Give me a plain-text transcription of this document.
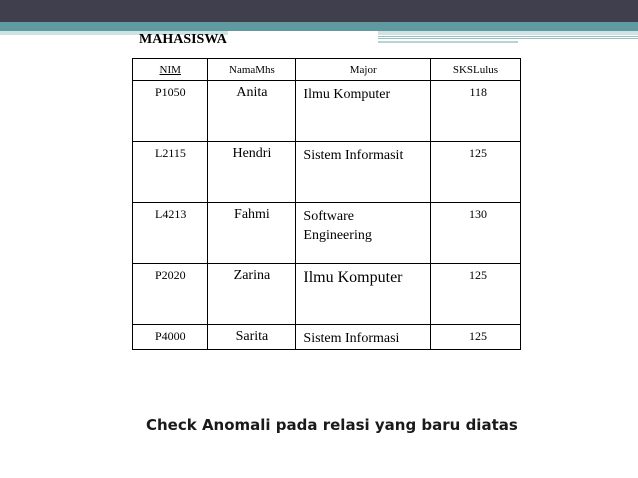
MAHASISWA
NIM	NamaMhs	Major	SKSLulus
P1050	Anita	Ilmu Komputer	118
L2115	Hendri	Sistem Informasit	125
L4213	Fahmi	Software Engineering	130
P2020	Zarina	Ilmu Komputer	125
P4000	Sarita	Sistem Informasi	125
Check Anomali pada relasi yang baru diatas
